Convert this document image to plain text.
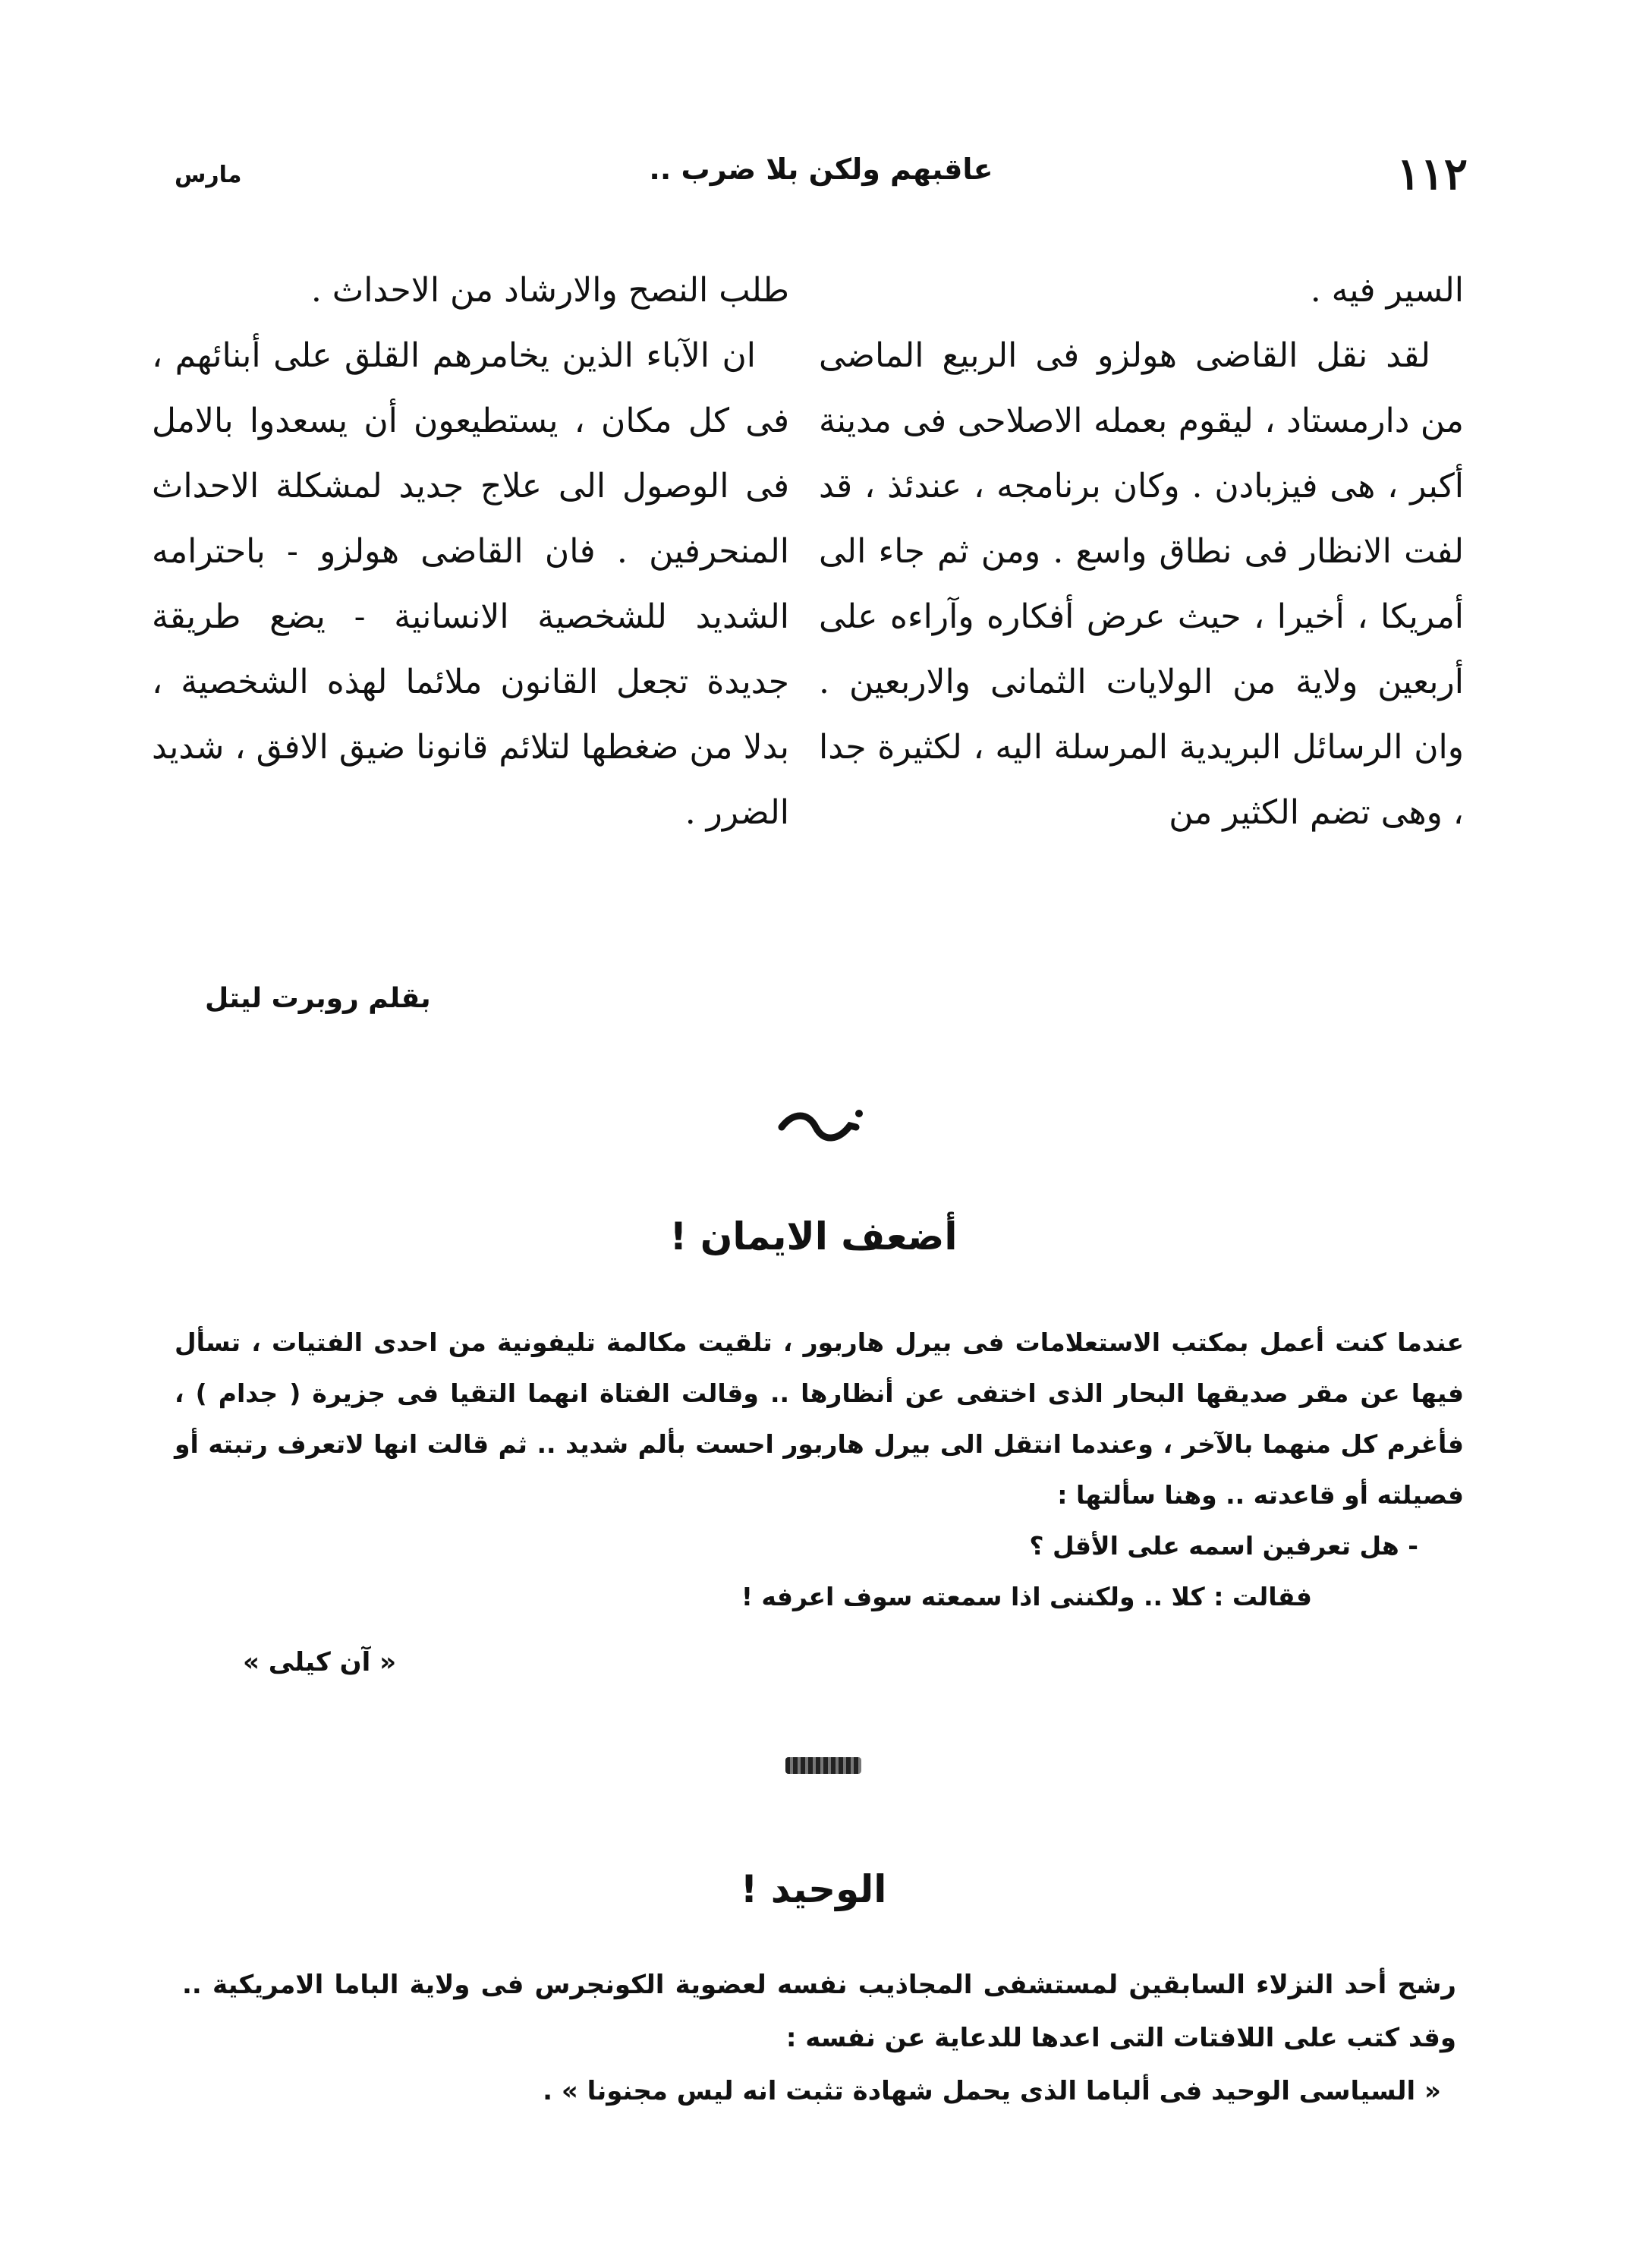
١١٢
عاقبهم ولكن بلا ضرب ..
مارس

السير فيه .

لقد نقل القاضى هولزو فى الربيع الماضى من دارمستاد ، ليقوم بعمله الاصلاحى فى مدينة أكبر ، هى فيزبادن . وكان برنامجه ، عندئذ ، قد لفت الانظار فى نطاق واسع . ومن ثم جاء الى أمريكا ، أخيرا ، حيث عرض أفكاره وآراءه على أربعين ولاية من الولايات الثمانى والاربعين . وان الرسائل البريدية المرسلة اليه ، لكثيرة جدا ، وهى تضم الكثير من

طلب النصح والارشاد من الاحداث .

ان الآباء الذين يخامرهم القلق على أبنائهم ، فى كل مكان ، يستطيعون أن يسعدوا بالامل فى الوصول الى علاج جديد لمشكلة الاحداث المنحرفين . فان القاضى هولزو - باحترامه الشديد للشخصية الانسانية - يضع طريقة جديدة تجعل القانون ملائما لهذه الشخصية ، بدلا من ضغطها لتلائم قانونا ضيق الافق ، شديد الضرر .

بقلم روبرت ليتل
أضعف الايمان !

عندما كنت أعمل بمكتب الاستعلامات فى بيرل هاربور ، تلقيت مكالمة تليفونية من احدى الفتيات ، تسأل فيها عن مقر صديقها البحار الذى اختفى عن أنظارها .. وقالت الفتاة انهما التقيا فى جزيرة ( جدام ) ، فأغرم كل منهما بالآخر ، وعندما انتقل الى بيرل هاربور احست بألم شديد .. ثم قالت انها لاتعرف رتبته أو فصيلته أو قاعدته .. وهنا سألتها :

- هل تعرفين اسمه على الأقل ؟

فقالت : كلا .. ولكننى اذا سمعته سوف اعرفه !

« آن كيلى »
الوحيد !

رشح أحد النزلاء السابقين لمستشفى المجاذيب نفسه لعضوية الكونجرس فى ولاية الباما الامريكية .. وقد كتب على اللافتات التى اعدها للدعاية عن نفسه :

« السياسى الوحيد فى ألباما الذى يحمل شهادة تثبت انه ليس مجنونا » .
